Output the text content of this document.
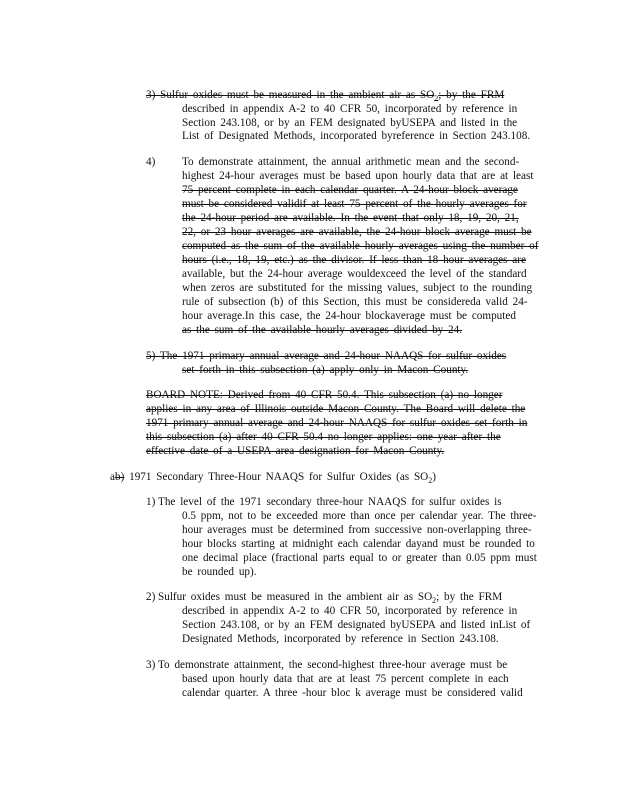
3) Sulfur oxides must be measured in the ambient air as $SO_2$; by the FRM
described in appendix A-2 to 40 CFR 50, incorporated by reference in
Section 243.108, or by an FEM designated byUSEPA and listed in the
List of Designated Methods, incorporated byreference in Section 243.108.
4) To demonstrate attainment, the annual arithmetic mean and the second-
highest 24-hour averages must be based upon hourly data that are at least
75 percent complete in each calendar quarter. A 24-hour block average
must be considered validif at least 75 percent of the hourly averages for
the 24-hour period are available. In the event that only 18, 19, 20, 21,
22, or 23 hour averages are available, the 24-hour block average must be
computed as the sum of the available hourly averages using the number of
hours (i.e., 18, 19, etc.) as the divisor. If less than 18 hour averages are
available, but the 24-hour average wouldexceed the level of the standard
when zeros are substituted for the missing values, subject to the rounding
rule of subsection (b) of this Section, this must be considereda valid 24-
hour average.In this case, the 24-hour blockaverage must be computed
as the sum of the available hourly averages divided by 24.
5) The 1971 primary annual average and 24-hour NAAQS for sulfur oxides
set forth in this subsection (a) apply only in Macon County.
BOARD NOTE: Derived from 40 CFR 50.4. This subsection (a) no longer
applies in any area of Illinois outside Macon County. The Board will delete the
1971 primary annual average and 24-hour NAAQS for sulfur oxides set forth in
this subsection (a) after 40 CFR 50.4 no longer applies: one year after the
effective date of a USEPA area designation for Macon County.
ab) 1971 Secondary Three-Hour NAAQS for Sulfur Oxides (as $SO_2$)
1) The level of the 1971 secondary three-hour NAAQS for sulfur oxides is
0.5 ppm, not to be exceeded more than once per calendar year. The three-
hour averages must be determined from successive non-overlapping three-
hour blocks starting at midnight each calendar dayand must be rounded to
one decimal place (fractional parts equal to or greater than 0.05 ppm must
be rounded up).
2) Sulfur oxides must be measured in the ambient air as $SO_2$; by the FRM
described in appendix A-2 to 40 CFR 50, incorporated by reference in
Section 243.108, or by an FEM designated byUSEPA and listed inList of
Designated Methods, incorporated by reference in Section 243.108.
3) To demonstrate attainment, the second-highest three-hour average must be
based upon hourly data that are at least 75 percent complete in each
calendar quarter. A three -hour bloc k average must be considered valid
